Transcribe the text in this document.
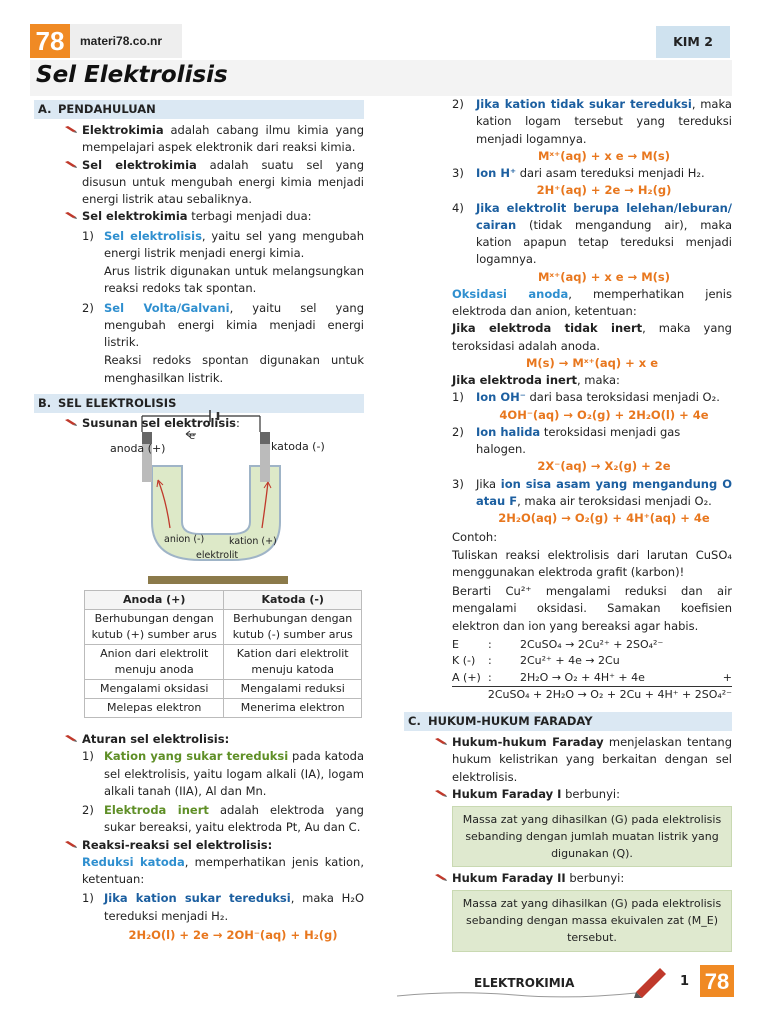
78	materi78.co.nr	KIM 2
Sel Elektrolisis
A. PENDAHULUAN
Elektrokimia adalah cabang ilmu kimia yang mempelajari aspek elektronik dari reaksi kimia.
Sel elektrokimia adalah suatu sel yang disusun untuk mengubah energi kimia menjadi energi listrik atau sebaliknya.
Sel elektrokimia terbagi menjadi dua:
1) Sel elektrolisis, yaitu sel yang mengubah energi listrik menjadi energi kimia.
Arus listrik digunakan untuk melangsungkan reaksi redoks tak spontan.
2) Sel Volta/Galvani, yaitu sel yang mengubah energi kimia menjadi energi listrik.
Reaksi redoks spontan digunakan untuk menghasilkan listrik.
B. SEL ELEKTROLISIS
Susunan sel elektrolisis:
anoda (+)	katoda (-)
e
anion (-)	kation (+)
elektrolit
Anoda (+)	Katoda (-)
Berhubungan dengan kutub (+) sumber arus	Berhubungan dengan kutub (-) sumber arus
Anion dari elektrolit menuju anoda	Kation dari elektrolit menuju katoda
Mengalami oksidasi	Mengalami reduksi
Melepas elektron	Menerima elektron
Aturan sel elektrolisis:
1) Kation yang sukar tereduksi pada katoda sel elektrolisis, yaitu logam alkali (IA), logam alkali tanah (IIA), Al dan Mn.
2) Elektroda inert adalah elektroda yang sukar bereaksi, yaitu elektroda Pt, Au dan C.
Reaksi-reaksi sel elektrolisis:
Reduksi katoda, memperhatikan jenis kation, ketentuan:
1) Jika kation sukar tereduksi, maka H₂O tereduksi menjadi H₂.
2H₂O(l) + 2e → 2OH⁻(aq) + H₂(g)
2) Jika kation tidak sukar tereduksi, maka kation logam tersebut yang tereduksi menjadi logamnya.
Mˣ⁺(aq) + x e → M(s)
3) Ion H⁺ dari asam tereduksi menjadi H₂.
2H⁺(aq) + 2e → H₂(g)
4) Jika elektrolit berupa lelehan/leburan/ cairan (tidak mengandung air), maka kation apapun tetap tereduksi menjadi logamnya.
Mˣ⁺(aq) + x e → M(s)
Oksidasi anoda, memperhatikan jenis elektroda dan anion, ketentuan:
Jika elektroda tidak inert, maka yang teroksidasi adalah anoda.
M(s) → Mˣ⁺(aq) + x e
Jika elektroda inert, maka:
1) Ion OH⁻ dari basa teroksidasi menjadi O₂.
4OH⁻(aq) → O₂(g) + 2H₂O(l) + 4e
2) Ion halida teroksidasi menjadi gas halogen.
2X⁻(aq) → X₂(g) + 2e
3) Jika ion sisa asam yang mengandung O atau F, maka air teroksidasi menjadi O₂.
2H₂O(aq) → O₂(g) + 4H⁺(aq) + 4e
Contoh:
Tuliskan reaksi elektrolisis dari larutan CuSO₄ menggunakan elektroda grafit (karbon)!
Berarti Cu²⁺ mengalami reduksi dan air mengalami oksidasi. Samakan koefisien elektron dan ion yang bereaksi agar habis.
E	:	2CuSO₄ → 2Cu²⁺ + 2SO₄²⁻
K (-)	:	2Cu²⁺ + 4e → 2Cu
A (+) :	2H₂O → O₂ + 4H⁺ + 4e	+
2CuSO₄ + 2H₂O → O₂ + 2Cu + 4H⁺ + 2SO₄²⁻
C. HUKUM-HUKUM FARADAY
Hukum-hukum Faraday menjelaskan tentang hukum kelistrikan yang berkaitan dengan sel elektrolisis.
Hukum Faraday I berbunyi:
Massa zat yang dihasilkan (G) pada elektrolisis sebanding dengan jumlah muatan listrik yang digunakan (Q).
Hukum Faraday II berbunyi:
Massa zat yang dihasilkan (G) pada elektrolisis sebanding dengan massa ekuivalen zat (M_E) tersebut.
ELEKTROKIMIA	1 78
